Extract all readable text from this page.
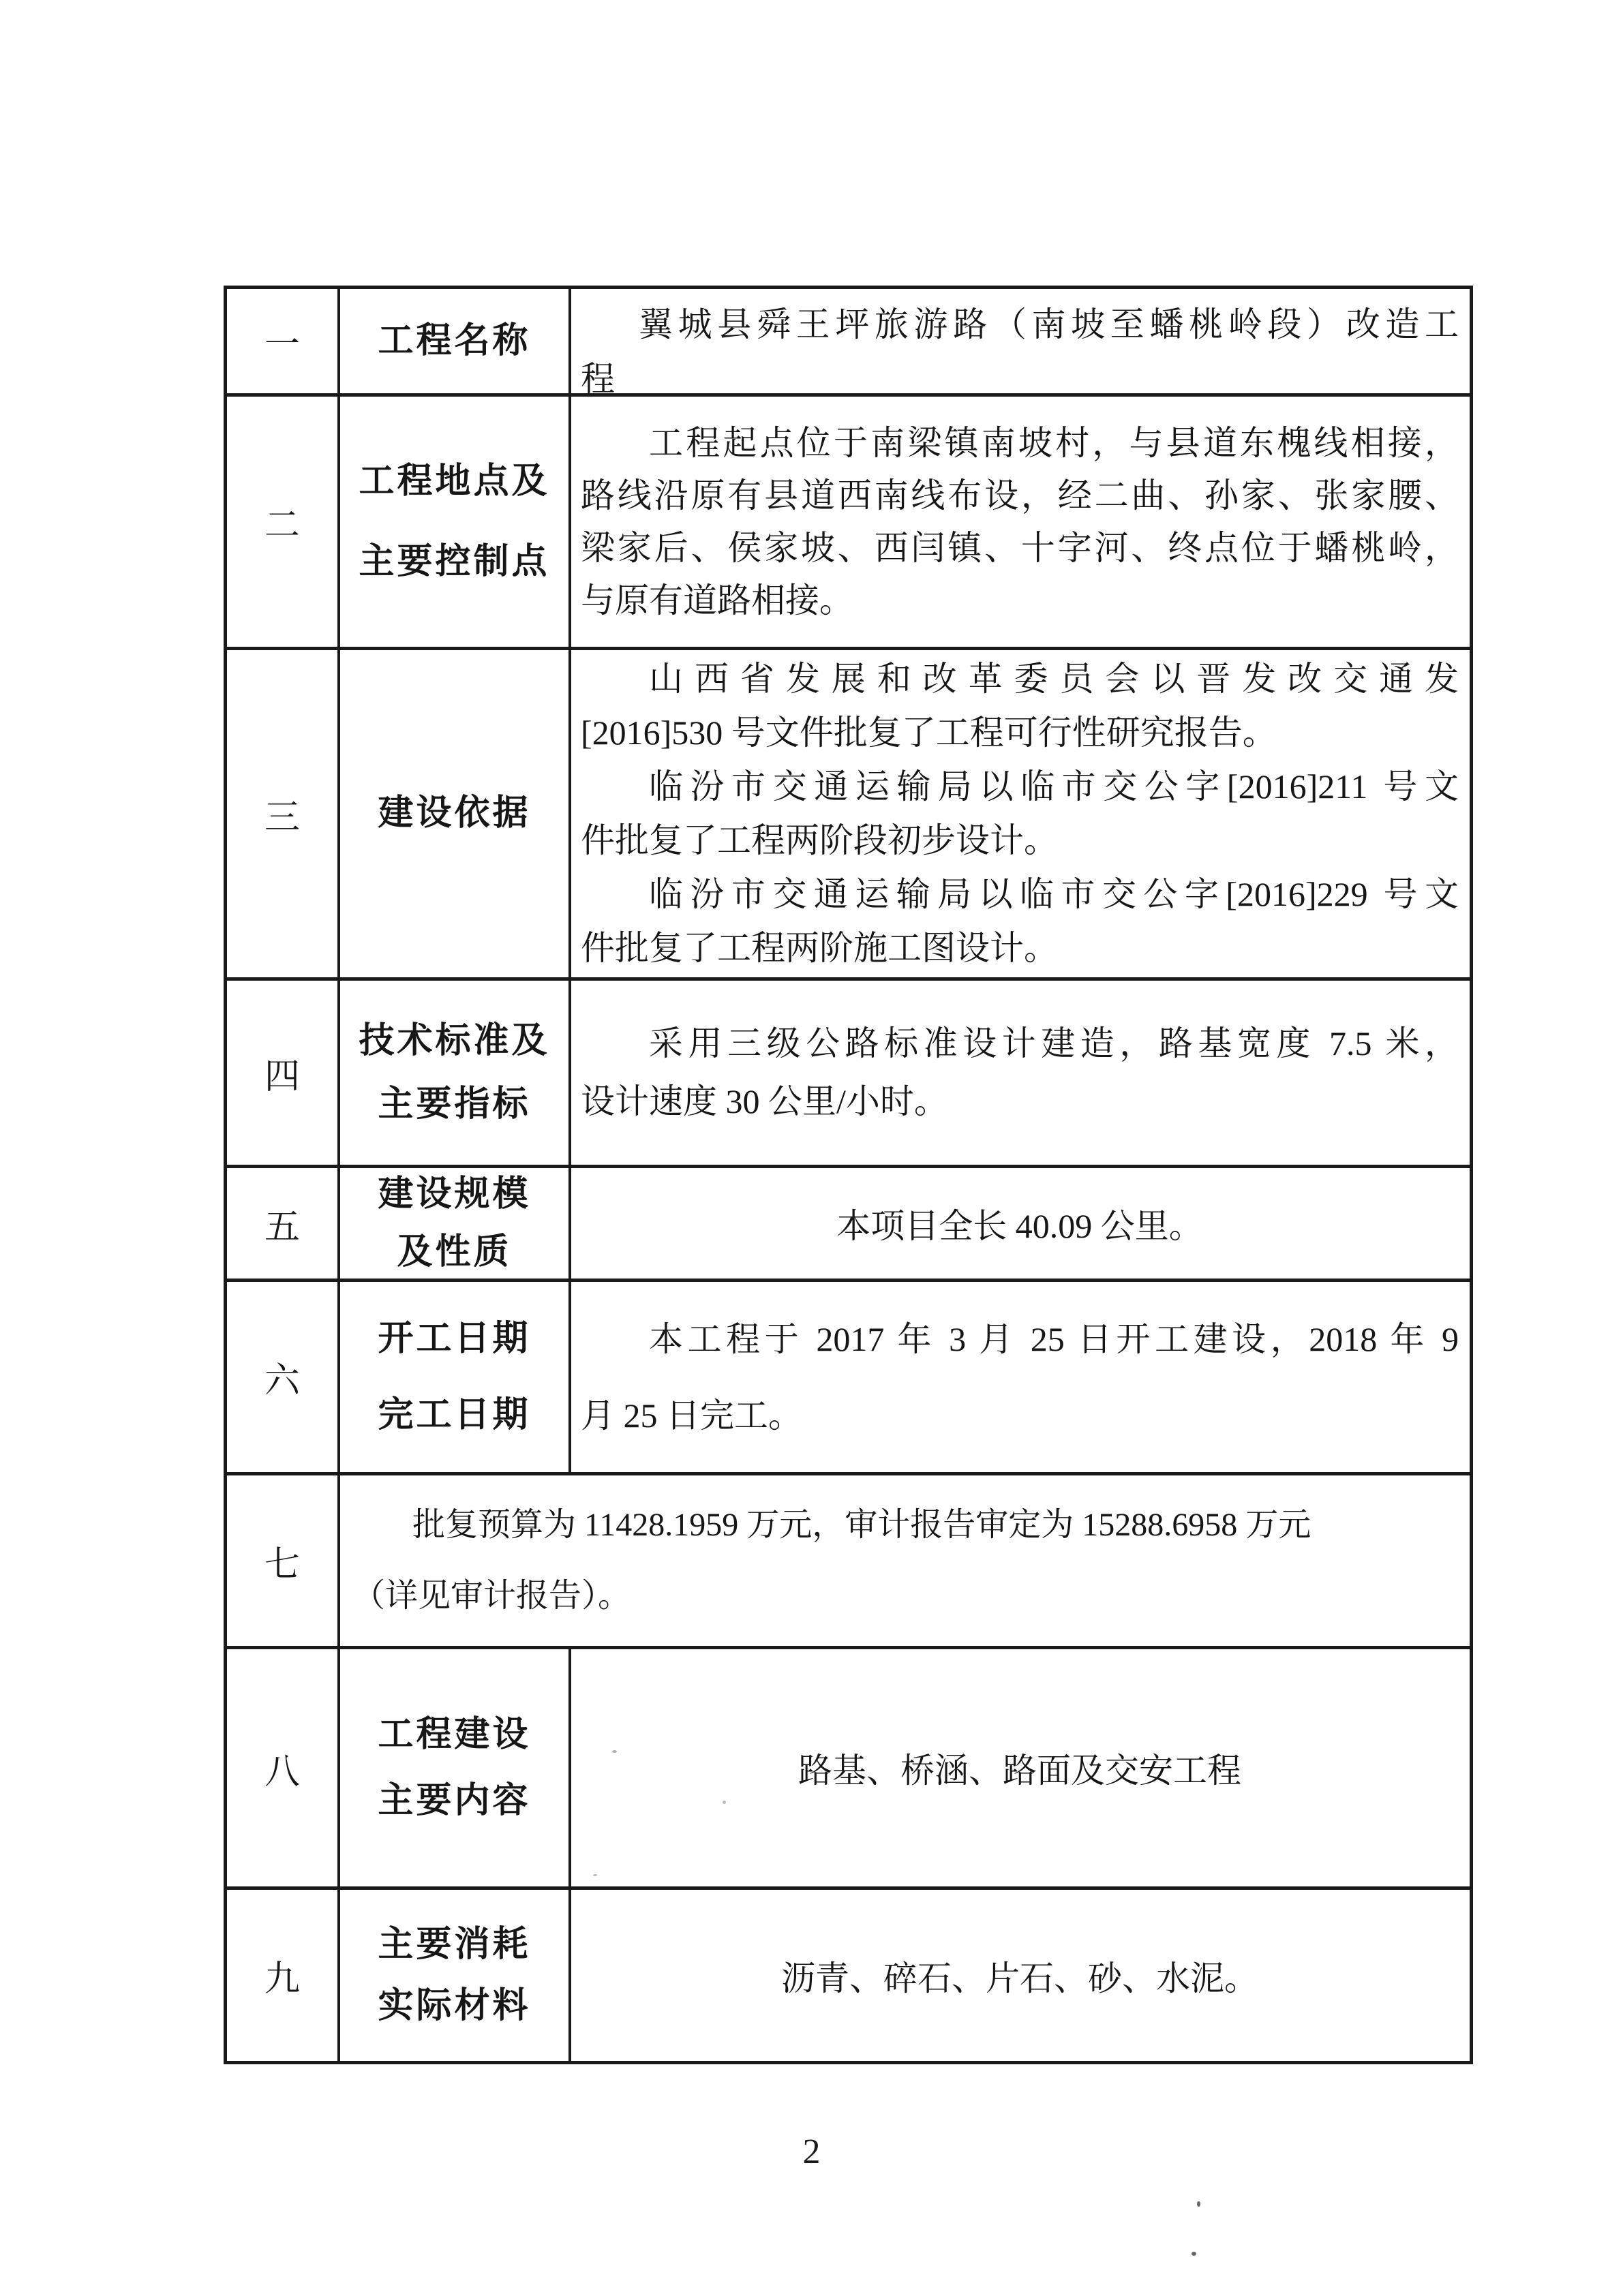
一 工程名称	翼城县舜王坪旅游路（南坡至蟠桃岭段）改造工
程
二
工程地点及
主要控制点
工程起点位于南梁镇南坡村，与县道东槐线相接，
路线沿原有县道西南线布设，经二曲、孙家、张家腰、
梁家后、侯家坡、西闫镇、十字河、终点位于蟠桃岭，
与原有道路相接。
三 建设依据
山西省发展和改革委员会以晋发改交通发
[2016]530 号文件批复了工程可行性研究报告。
临汾市交通运输局以临市交公字[2016]211 号文
件批复了工程两阶段初步设计。
临汾市交通运输局以临市交公字[2016]229 号文
件批复了工程两阶施工图设计。
四
技术标准及
主要指标
采用三级公路标准设计建造，路基宽度 7.5 米，
设计速度 30 公里/小时。
五
建设规模
及性质
本项目全长 40.09 公里。
六
开工日期
完工日期
本工程于 2017 年 3 月 25 日开工建设，2018 年 9
月 25 日完工。
七
批复预算为 11428.1959 万元，审计报告审定为 15288.6958 万元
（详见审计报告）。
八
工程建设
主要内容
路基、桥涵、路面及交安工程
九
主要消耗
实际材料
沥青、碎石、片石、砂、水泥。
2
